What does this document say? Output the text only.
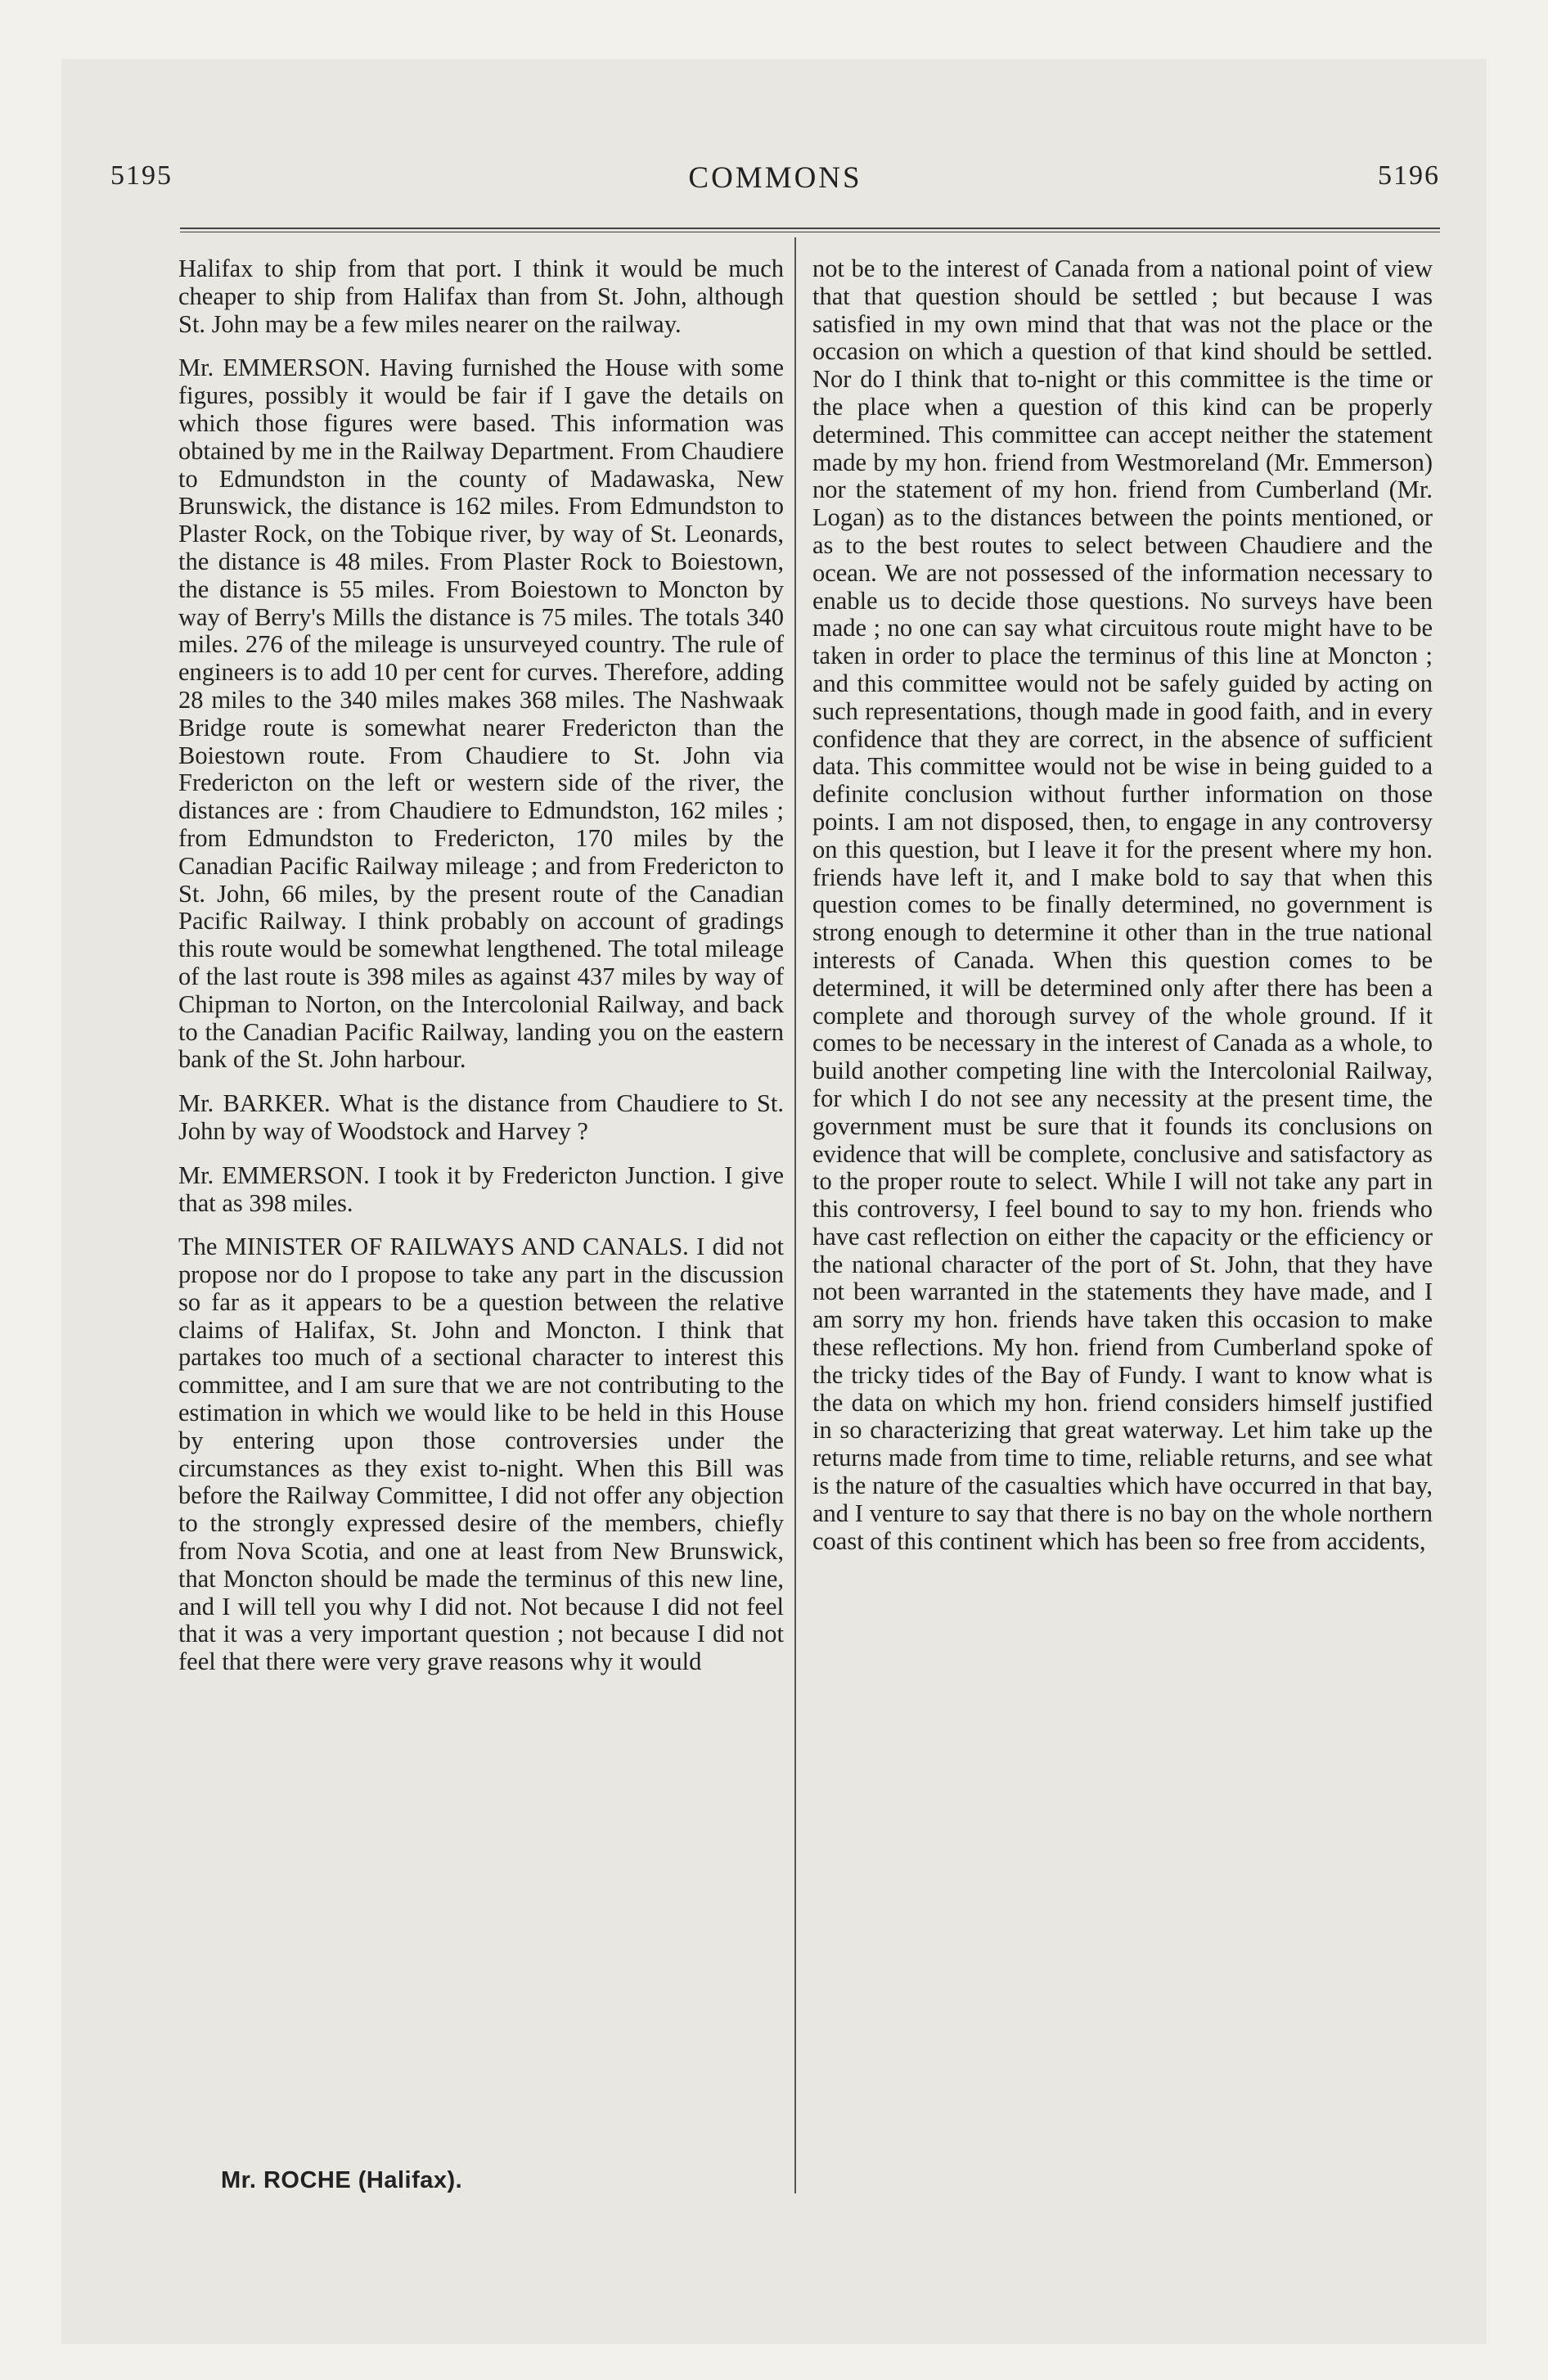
5195	COMMONS	5196

Halifax to ship from that port. I think it would be much cheaper to ship from Halifax than from St. John, although St. John may be a few miles nearer on the railway.

Mr. EMMERSON. Having furnished the House with some figures, possibly it would be fair if I gave the details on which those figures were based. This information was obtained by me in the Railway Department. From Chaudiere to Edmundston in the county of Madawaska, New Brunswick, the distance is 162 miles. From Edmundston to Plaster Rock, on the Tobique river, by way of St. Leonards, the distance is 48 miles. From Plaster Rock to Boiestown, the distance is 55 miles. From Boiestown to Moncton by way of Berry's Mills the distance is 75 miles. The totals 340 miles. 276 of the mileage is unsurveyed country. The rule of engineers is to add 10 per cent for curves. Therefore, adding 28 miles to the 340 miles makes 368 miles. The Nashwaak Bridge route is somewhat nearer Fredericton than the Boiestown route. From Chaudiere to St. John via Fredericton on the left or western side of the river, the distances are : from Chaudiere to Edmundston, 162 miles ; from Edmundston to Fredericton, 170 miles by the Canadian Pacific Railway mileage ; and from Fredericton to St. John, 66 miles, by the present route of the Canadian Pacific Railway. I think probably on account of gradings this route would be somewhat lengthened. The total mileage of the last route is 398 miles as against 437 miles by way of Chipman to Norton, on the Intercolonial Railway, and back to the Canadian Pacific Railway, landing you on the eastern bank of the St. John harbour.

Mr. BARKER. What is the distance from Chaudiere to St. John by way of Woodstock and Harvey ?

Mr. EMMERSON. I took it by Fredericton Junction. I give that as 398 miles.

The MINISTER OF RAILWAYS AND CANALS. I did not propose nor do I propose to take any part in the discussion so far as it appears to be a question between the relative claims of Halifax, St. John and Moncton. I think that partakes too much of a sectional character to interest this committee, and I am sure that we are not contributing to the estimation in which we would like to be held in this House by entering upon those controversies under the circumstances as they exist to-night. When this Bill was before the Railway Committee, I did not offer any objection to the strongly expressed desire of the members, chiefly from Nova Scotia, and one at least from New Brunswick, that Moncton should be made the terminus of this new line, and I will tell you why I did not. Not because I did not feel that it was a very important question ; not because I did not feel that there were very grave reasons why it would

not be to the interest of Canada from a national point of view that that question should be settled ; but because I was satisfied in my own mind that that was not the place or the occasion on which a question of that kind should be settled. Nor do I think that to-night or this committee is the time or the place when a question of this kind can be properly determined. This committee can accept neither the statement made by my hon. friend from Westmoreland (Mr. Emmerson) nor the statement of my hon. friend from Cumberland (Mr. Logan) as to the distances between the points mentioned, or as to the best routes to select between Chaudiere and the ocean. We are not possessed of the information necessary to enable us to decide those questions. No surveys have been made ; no one can say what circuitous route might have to be taken in order to place the terminus of this line at Moncton ; and this committee would not be safely guided by acting on such representations, though made in good faith, and in every confidence that they are correct, in the absence of sufficient data. This committee would not be wise in being guided to a definite conclusion without further information on those points. I am not disposed, then, to engage in any controversy on this question, but I leave it for the present where my hon. friends have left it, and I make bold to say that when this question comes to be finally determined, no government is strong enough to determine it other than in the true national interests of Canada. When this question comes to be determined, it will be determined only after there has been a complete and thorough survey of the whole ground. If it comes to be necessary in the interest of Canada as a whole, to build another competing line with the Intercolonial Railway, for which I do not see any necessity at the present time, the government must be sure that it founds its conclusions on evidence that will be complete, conclusive and satisfactory as to the proper route to select. While I will not take any part in this controversy, I feel bound to say to my hon. friends who have cast reflection on either the capacity or the efficiency or the national character of the port of St. John, that they have not been warranted in the statements they have made, and I am sorry my hon. friends have taken this occasion to make these reflections. My hon. friend from Cumberland spoke of the tricky tides of the Bay of Fundy. I want to know what is the data on which my hon. friend considers himself justified in so characterizing that great waterway. Let him take up the returns made from time to time, reliable returns, and see what is the nature of the casualties which have occurred in that bay, and I venture to say that there is no bay on the whole northern coast of this continent which has been so free from accidents,

Mr. ROCHE (Halifax).
